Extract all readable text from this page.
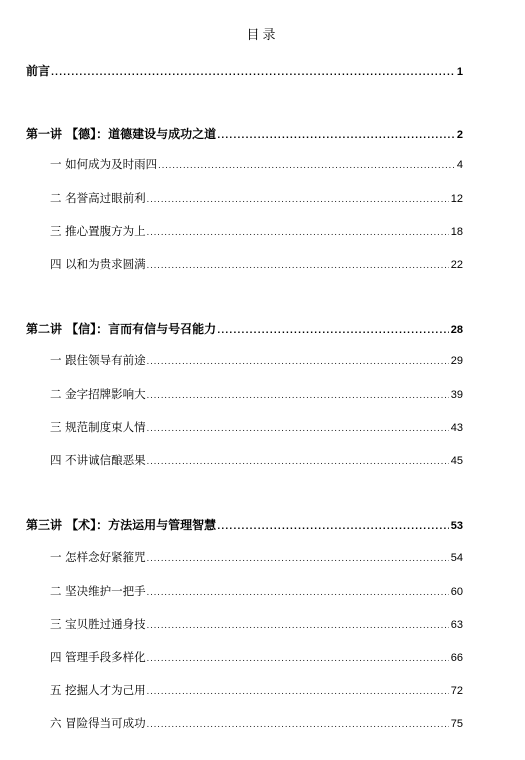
目录
前言 .....	1
第一讲 【德】：道德建设与成功之道 .....	2
一 如何成为及时雨四 .....	4
二 名誉高过眼前利 .....	12
三 推心置腹方为上 .....	18
四 以和为贵求圆满 .....	22
第二讲 【信】：言而有信与号召能力 .....	28
一 跟住领导有前途 .....	29
二 金字招牌影响大 .....	39
三 规范制度束人情 .....	43
四 不讲诚信酿恶果 .....	45
第三讲 【术】：方法运用与管理智慧 .....	53
一 怎样念好紧箍咒 .....	54
二 坚决维护一把手 .....	60
三 宝贝胜过通身技 .....	63
四 管理手段多样化 .....	66
五 挖掘人才为己用 .....	72
六 冒险得当可成功 .....	75
